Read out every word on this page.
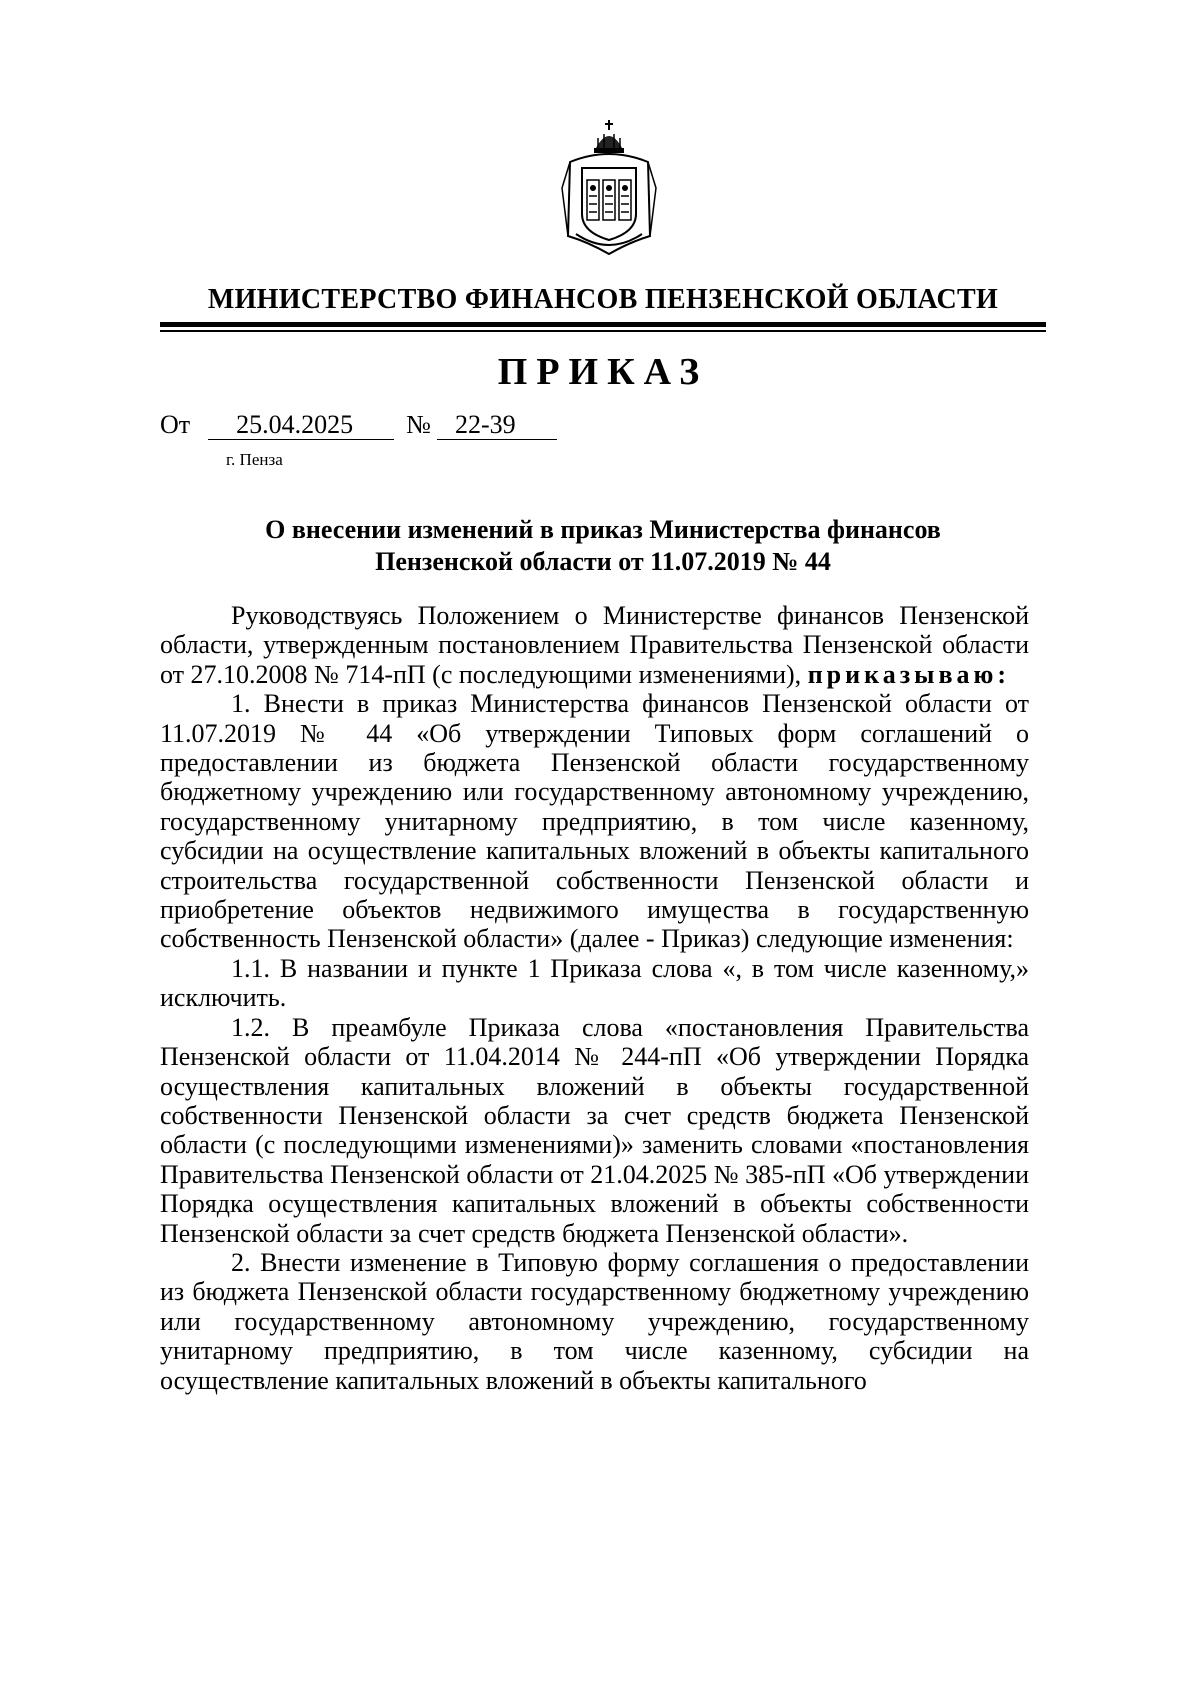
МИНИСТЕРСТВО ФИНАНСОВ ПЕНЗЕНСКОЙ ОБЛАСТИ
ПРИКАЗ
От 25.04.2025 № 22-39
г. Пенза
О внесении изменений в приказ Министерства финансов
Пензенской области от 11.07.2019 № 44

Руководствуясь Положением о Министерстве финансов Пензенской области, утвержденным постановлением Правительства Пензенской области от 27.10.2008 № 714-пП (с последующими изменениями), приказываю:

1. Внести в приказ Министерства финансов Пензенской области от 11.07.2019 № 44 «Об утверждении Типовых форм соглашений о предоставлении из бюджета Пензенской области государственному бюджетному учреждению или государственному автономному учреждению, государственному унитарному предприятию, в том числе казенному, субсидии на осуществление капитальных вложений в объекты капитального строительства государственной собственности Пензенской области и приобретение объектов недвижимого имущества в государственную собственность Пензенской области» (далее - Приказ) следующие изменения:

1.1. В названии и пункте 1 Приказа слова «, в том числе казенному,» исключить.

1.2. В преамбуле Приказа слова «постановления Правительства Пензенской области от 11.04.2014 № 244-пП «Об утверждении Порядка осуществления капитальных вложений в объекты государственной собственности Пензенской области за счет средств бюджета Пензенской области (с последующими изменениями)» заменить словами «постановления Правительства Пензенской области от 21.04.2025 № 385-пП «Об утверждении Порядка осуществления капитальных вложений в объекты собственности Пензенской области за счет средств бюджета Пензенской области».

2. Внести изменение в Типовую форму соглашения о предоставлении из бюджета Пензенской области государственному бюджетному учреждению или государственному автономному учреждению, государственному унитарному предприятию, в том числе казенному, субсидии на осуществление капитальных вложений в объекты капитального
